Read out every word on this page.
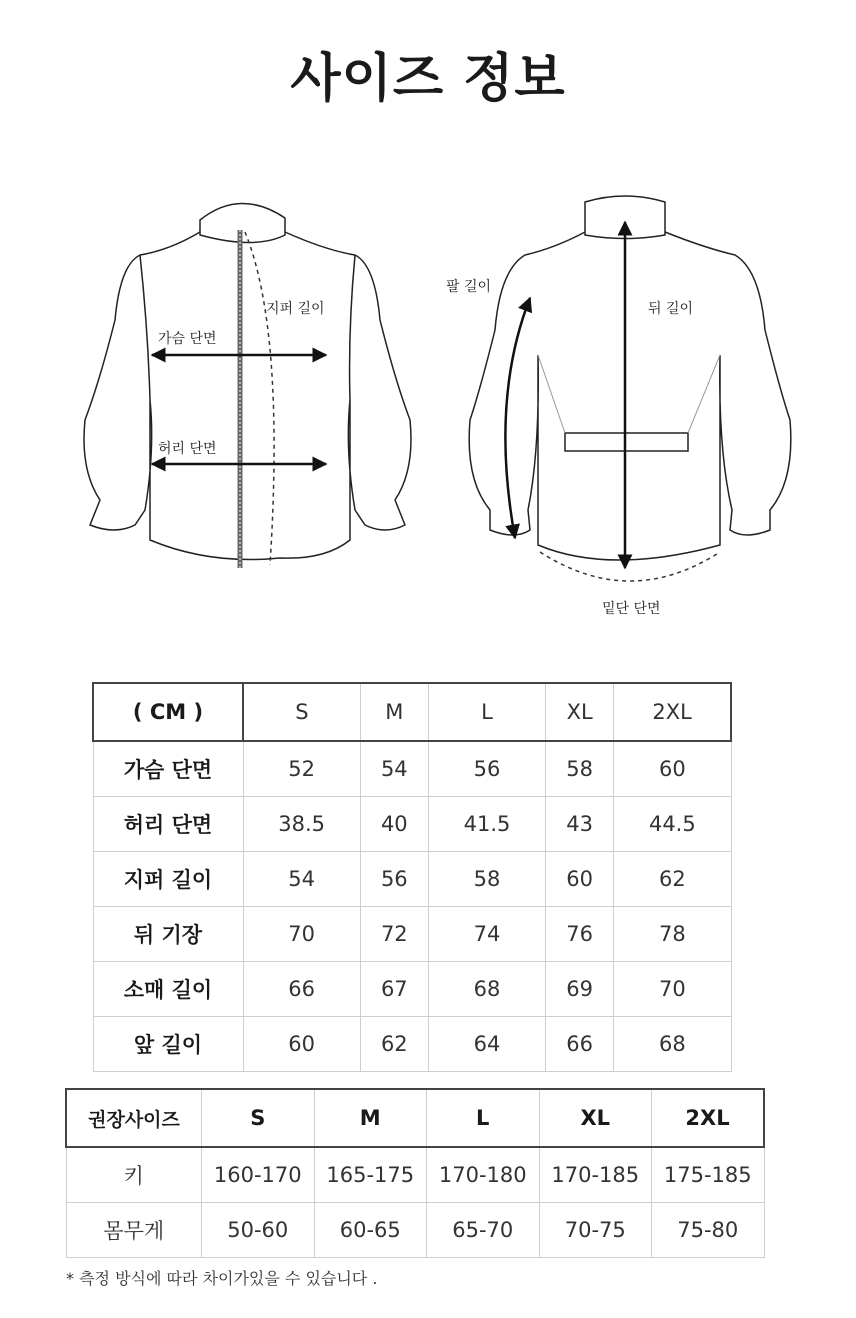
사이즈 정보
지퍼 길이
가슴 단면
허리 단면
팔 길이
뒤 길이
밑단 단면
( CM )	S	M	L	XL	2XL
가슴 단면	52	54	56	58	60
허리 단면	38.5	40	41.5	43	44.5
지퍼 길이	54	56	58	60	62
뒤 기장	70	72	74	76	78
소매 길이	66	67	68	69	70
앞 길이	60	62	64	66	68
권장사이즈	S	M	L	XL	2XL
키	160-170	165-175	170-180	170-185	175-185
몸무게	50-60	60-65	65-70	70-75	75-80
* 측정 방식에 따라 차이가있을 수 있습니다 .
